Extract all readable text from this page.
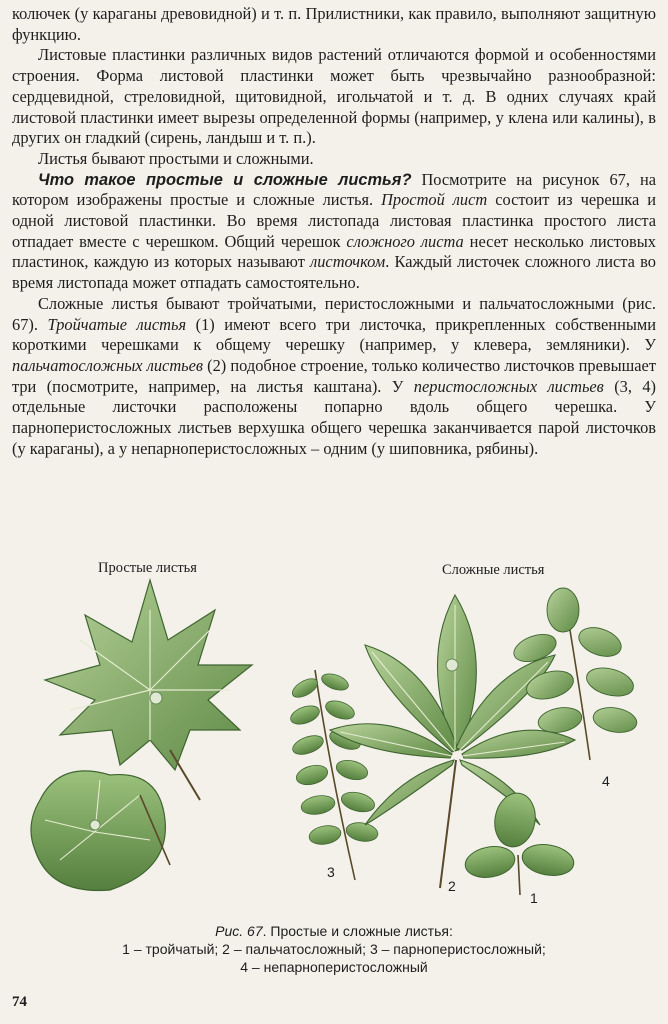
колючек (у караганы древовидной) и т. п. Прилистники, как правило, выполняют защитную функцию.

Листовые пластинки различных видов растений отличаются формой и особенностями строения. Форма листовой пластинки может быть чрезвычайно разнообразной: сердцевидной, стреловидной, щитовидной, игольчатой и т. д. В одних случаях край листовой пластинки имеет вырезы определенной формы (например, у клена или калины), в других он гладкий (сирень, ландыш и т. п.).

Листья бывают простыми и сложными.

Что такое простые и сложные листья? Посмотрите на рисунок 67, на котором изображены простые и сложные листья. Простой лист состоит из черешка и одной листовой пластинки. Во время листопада листовая пластинка простого листа отпадает вместе с черешком. Общий черешок сложного листа несет несколько листовых пластинок, каждую из которых называют листочком. Каждый листочек сложного листа во время листопада может отпадать самостоятельно.

Сложные листья бывают тройчатыми, перистосложными и пальчатосложными (рис. 67). Тройчатые листья (1) имеют всего три листочка, прикрепленных собственными короткими черешками к общему черешку (например, у клевера, земляники). У пальчатосложных листьев (2) подобное строение, только количество листочков превышает три (посмотрите, например, на листья каштана). У перистосложных листьев (3, 4) отдельные листочки расположены попарно вдоль общего черешка. У парноперистосложных листьев верхушка общего черешка заканчивается парой листочков (у караганы), а у непарноперистосложных – одним (у шиповника, рябины).

Простые листья	Сложные листья
4
3
2
1
Рис. 67. Простые и сложные листья:
1 – тройчатый; 2 – пальчатосложный; 3 – парноперистосложный;
4 – непарноперистосложный
74
